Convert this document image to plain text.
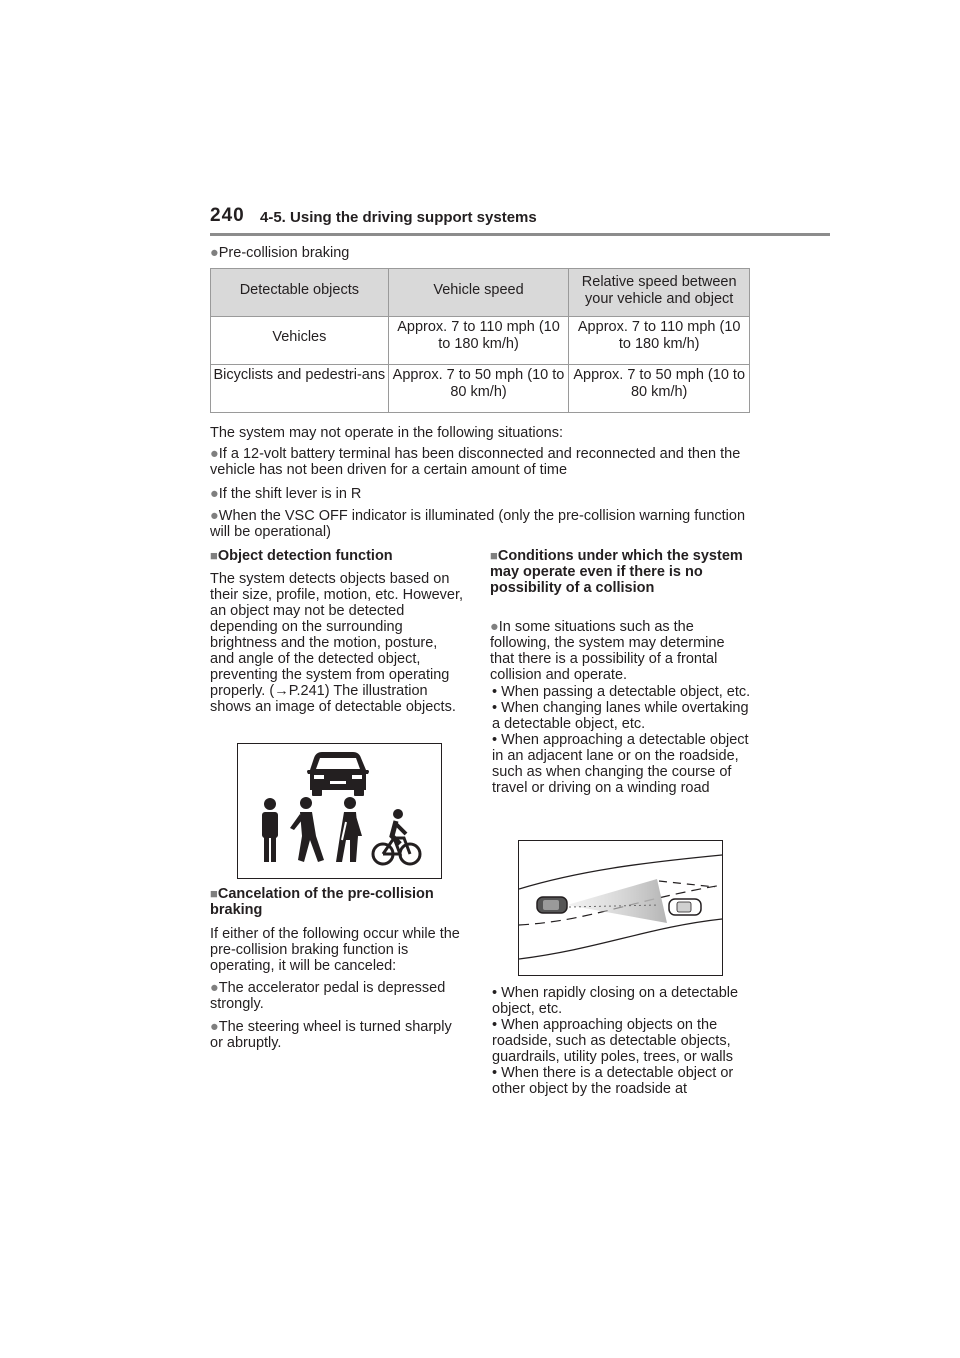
240 4-5. Using the driving support systems
●Pre-collision braking
Detectable objects	Vehicle speed	Relative speed between your vehicle and object
Vehicles	Approx. 7 to 110 mph (10 to 180 km/h)	Approx. 7 to 110 mph (10 to 180 km/h)
Bicyclists and pedestri-ans	Approx. 7 to 50 mph (10 to 80 km/h)	Approx. 7 to 50 mph (10 to 80 km/h)
The system may not operate in the following situations:
●If a 12-volt battery terminal has been disconnected and reconnected and then the vehicle has not been driven for a certain amount of time
●If the shift lever is in R
●When the VSC OFF indicator is illuminated (only the pre-collision warning function will be operational)
■Object detection function
The system detects objects based on their size, profile, motion, etc. However, an object may not be detected depending on the surrounding brightness and the motion, posture, and angle of the detected object, preventing the system from operating properly. (→P.241) The illustration shows an image of detectable objects.
■Cancelation of the pre-collision braking
If either of the following occur while the pre-collision braking function is operating, it will be canceled:
●The accelerator pedal is depressed strongly.
●The steering wheel is turned sharply or abruptly.
■Conditions under which the system may operate even if there is no possibility of a collision
●In some situations such as the following, the system may determine that there is a possibility of a frontal collision and operate.
• When passing a detectable object, etc.
• When changing lanes while overtaking a detectable object, etc.
• When approaching a detectable object in an adjacent lane or on the roadside, such as when changing the course of travel or driving on a winding road
• When rapidly closing on a detectable object, etc.
• When approaching objects on the roadside, such as detectable objects, guardrails, utility poles, trees, or walls
• When there is a detectable object or other object by the roadside at
